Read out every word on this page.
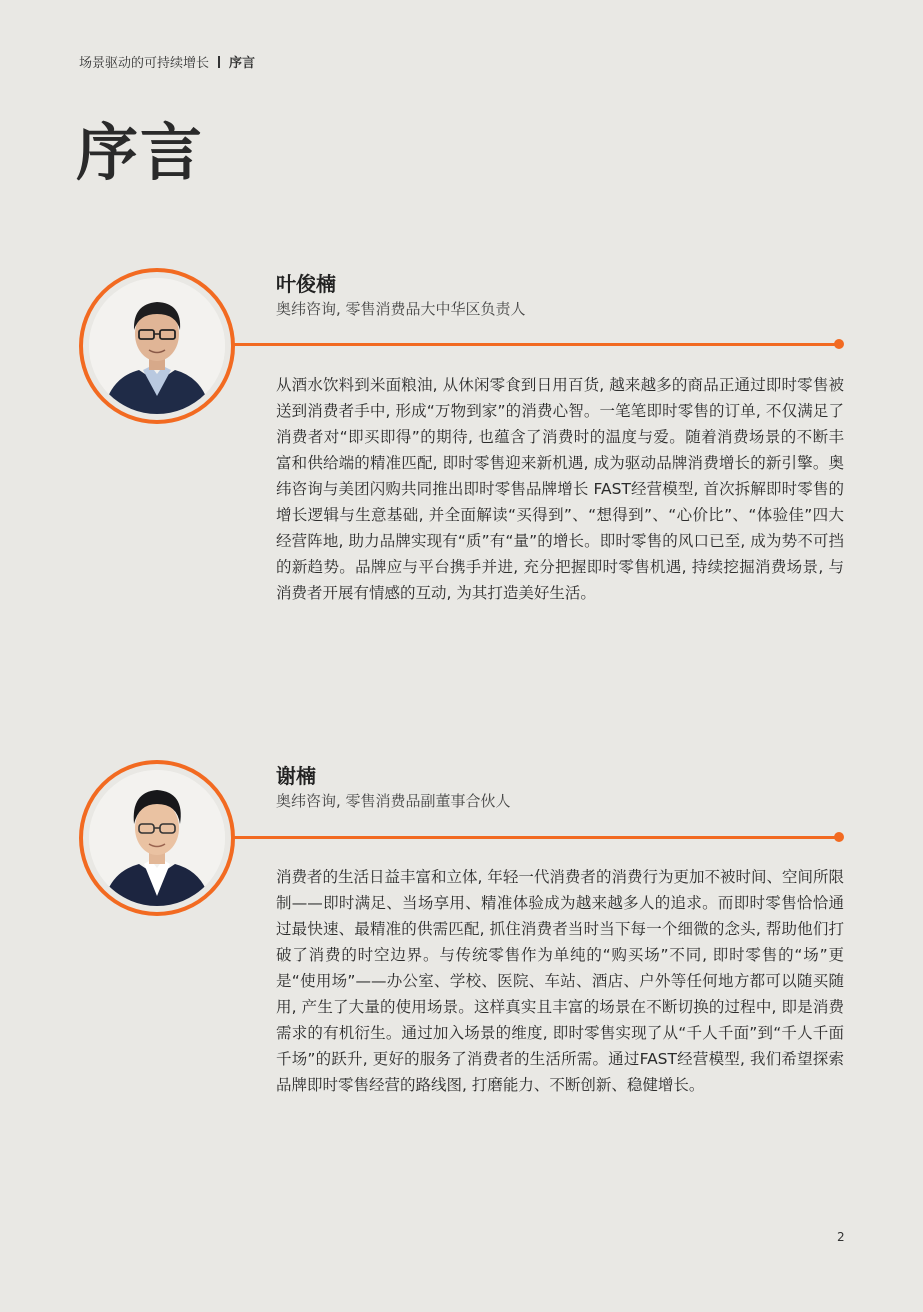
场景驱动的可持续增长 序言
序言
叶俊楠
奥纬咨询, 零售消费品大中华区负责人

从酒水饮料到米面粮油, 从休闲零食到日用百货, 越来越多的商品正通过即时零售被送到消费者手中, 形成“万物到家”的消费心智。一笔笔即时零售的订单, 不仅满足了消费者对“即买即得”的期待, 也蕴含了消费时的温度与爱。随着消费场景的不断丰富和供给端的精准匹配, 即时零售迎来新机遇, 成为驱动品牌消费增长的新引擎。奥纬咨询与美团闪购共同推出即时零售品牌增长 FAST经营模型, 首次拆解即时零售的增长逻辑与生意基础, 并全面解读“买得到”、“想得到”、“心价比”、“体验佳”四大经营阵地, 助力品牌实现有“质”有“量”的增长。即时零售的风口已至, 成为势不可挡的新趋势。品牌应与平台携手并进, 充分把握即时零售机遇, 持续挖掘消费场景, 与消费者开展有情感的互动, 为其打造美好生活。

谢楠
奥纬咨询, 零售消费品副董事合伙人

消费者的生活日益丰富和立体, 年轻一代消费者的消费行为更加不被时间、空间所限制——即时满足、当场享用、精准体验成为越来越多人的追求。而即时零售恰恰通过最快速、最精准的供需匹配, 抓住消费者当时当下每一个细微的念头, 帮助他们打破了消费的时空边界。与传统零售作为单纯的“购买场”不同, 即时零售的“场”更是“使用场”——办公室、学校、医院、车站、酒店、户外等任何地方都可以随买随用, 产生了大量的使用场景。这样真实且丰富的场景在不断切换的过程中, 即是消费需求的有机衍生。通过加入场景的维度, 即时零售实现了从“千人千面”到“千人千面千场”的跃升, 更好的服务了消费者的生活所需。通过FAST经营模型, 我们希望探索品牌即时零售经营的路线图, 打磨能力、不断创新、稳健增长。

2
